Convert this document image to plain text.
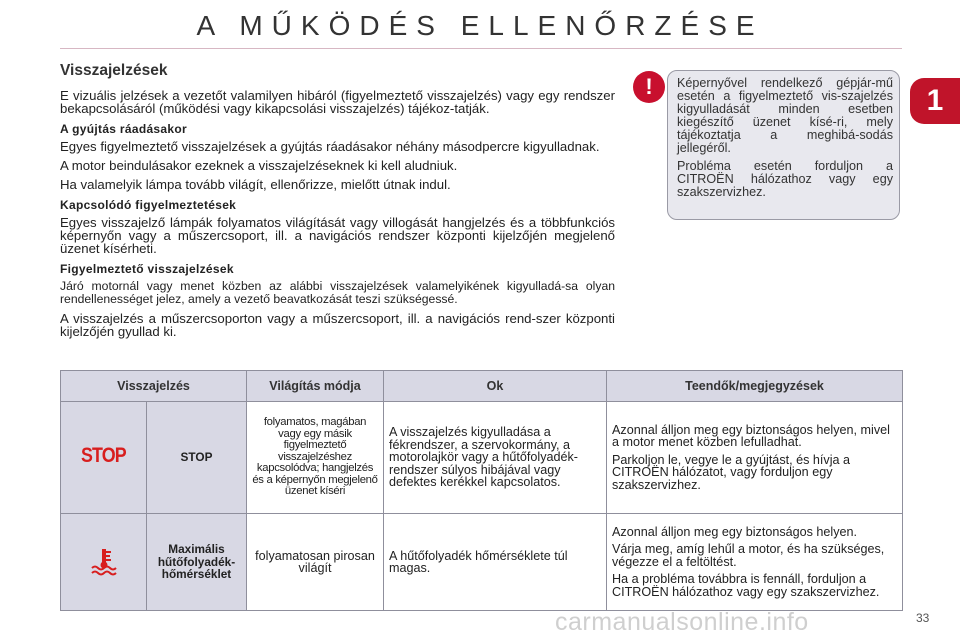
A MŰKÖDÉS ELLENŐRZÉSE
1
Visszajelzések

E vizuális jelzések a vezetőt valamilyen hibáról (figyelmeztető visszajelzés) vagy egy rendszer bekapcsolásáról (működési vagy kikapcsolási visszajelzés) tájékoz-tatják.

A gyújtás ráadásakor

Egyes figyelmeztető visszajelzések a gyújtás ráadásakor néhány másodpercre kigyulladnak.

A motor beindulásakor ezeknek a visszajelzéseknek ki kell aludniuk.

Ha valamelyik lámpa tovább világít, ellenőrizze, mielőtt útnak indul.

Kapcsolódó figyelmeztetések

Egyes visszajelző lámpák folyamatos világítását vagy villogását hangjelzés és a többfunkciós képernyőn vagy a műszercsoport, ill. a navigációs rendszer központi kijelzőjén megjelenő üzenet kísérheti.

Figyelmeztető visszajelzések

Járó motornál vagy menet közben az alábbi visszajelzések valamelyikének kigyulladá-sa olyan rendellenességet jelez, amely a vezető beavatkozását teszi szükségessé.

A visszajelzés a műszercsoporton vagy a műszercsoport, ill. a navigációs rend-szer központi kijelzőjén gyullad ki.

!	Képernyővel rendelkező gépjár-mű esetén a figyelmeztető vis-szajelzés kigyulladását minden esetben kiegészítő üzenet kísé-ri, mely tájékoztatja a meghibá-sodás jellegéről.

Probléma esetén forduljon a CITROËN hálózathoz vagy egy szakszervizhez.

Visszajelzés		Világítás módja	Ok	Teendők/megjegyzések
STOP	STOP	folyamatos, magában vagy egy másik figyelmeztető visszajelzéshez kapcsolódva; hangjelzés és a képernyőn megjelenő üzenet kíséri	A visszajelzés kigyulladása a fékrendszer, a szervokormány, a motorolajkör vagy a hűtőfolyadék-rendszer súlyos hibájával vagy defektes kerékkel kapcsolatos.	Azonnal álljon meg egy biztonságos helyen, mivel a motor menet közben lefulladhat.

Parkoljon le, vegye le a gyújtást, és hívja a CITROËN hálózatot, vagy forduljon egy szakszervizhez.

	Maximális hűtőfolyadék-hőmérséklet	folyamatosan pirosan világít	A hűtőfolyadék hőmérséklete túl magas.	Azonnal álljon meg egy biztonságos helyen.

Várja meg, amíg lehűl a motor, és ha szükséges, végezze el a feltöltést.

Ha a probléma továbbra is fennáll, forduljon a CITROËN hálózathoz vagy egy szakszervizhez.

carmanualsonline.info	33
